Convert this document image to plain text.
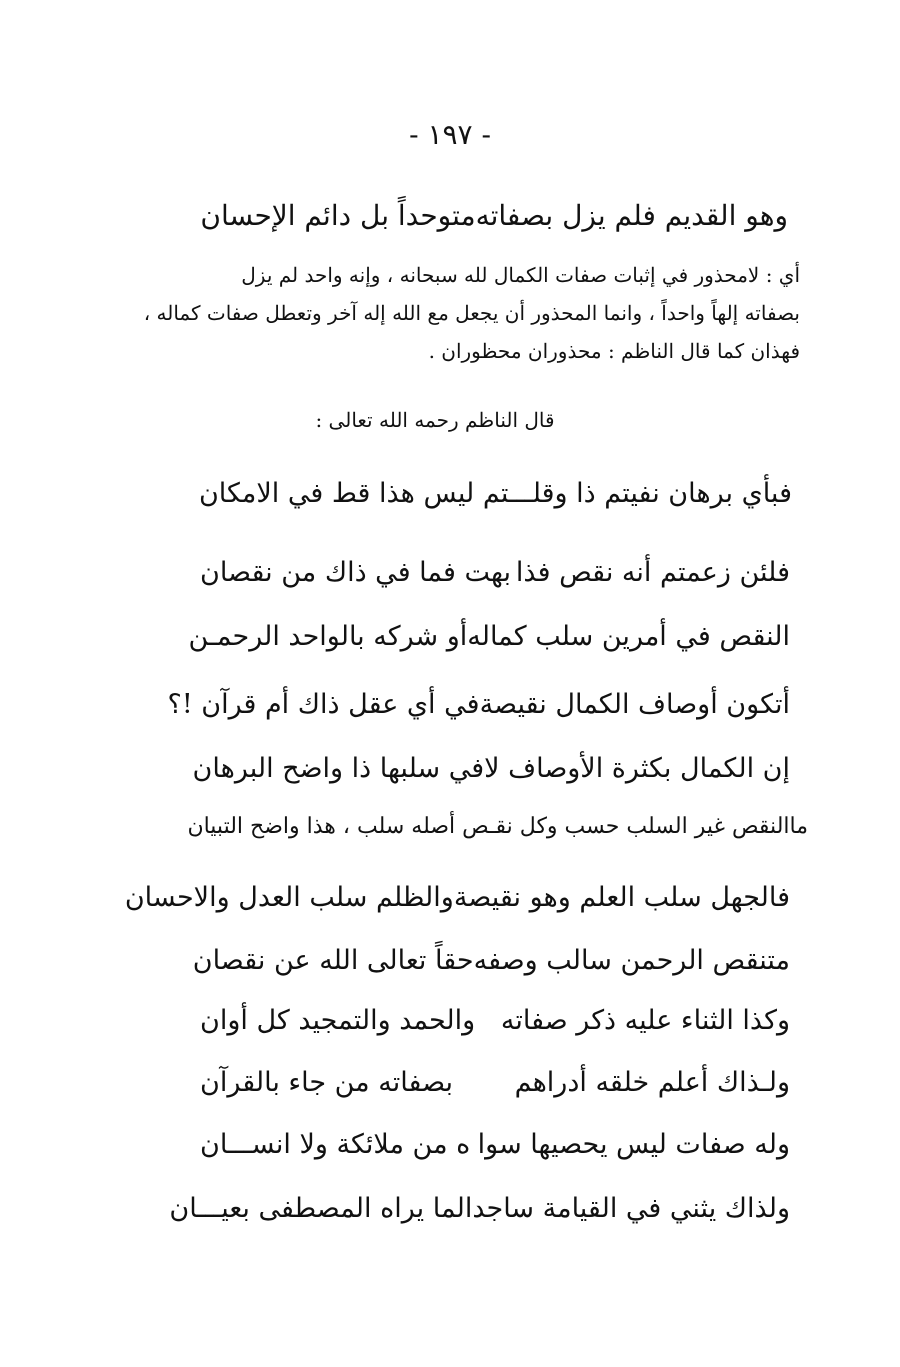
- ١٩٧ -
وهو القديم فلم يزل بصفاته
متوحداً بل دائم الإحسان
أي : لامحذور في إثبات صفات الكمال لله سبحانه ، وإنه واحد لم يزل
بصفاته إلهاً واحداً ، وانما المحذور أن يجعل مع الله إله آخر وتعطل صفات كماله ،
فهذان كما قال الناظم : محذوران محظوران .
قال الناظم رحمه الله تعالى :
فبأي برهان نفيتم ذا وقلـــتم ليس هذا قط في الامكان
فلئن زعمتم أنه نقص فذا
بهت فما في ذاك من نقصان
النقص في أمرين سلب كماله
أو شركه بالواحد الرحمـن
أتكون أوصاف الكمال نقيصة
في أي عقل ذاك أم قرآن !؟
إن الكمال بكثرة الأوصاف لا
في سلبها ذا واضح البرهان
ماالنقص غير السلب حسب وكل نقـص أصله سلب ، هذا واضح التبيان
فالجهل سلب العلم وهو نقيصة
والظلم سلب العدل والاحسان
متنقص الرحمن سالب وصفه
حقاً تعالى الله عن نقصان
وكذا الثناء عليه ذكر صفاته
والحمد والتمجيد كل أوان
ولـذاك أعلم خلقه أدراهم
بصفاته من جاء بالقرآن
وله صفات ليس يحصيها سوا
ه من ملائكة ولا انســـان
ولذاك يثني في القيامة ساجدا
لما يراه المصطفى بعيـــان
